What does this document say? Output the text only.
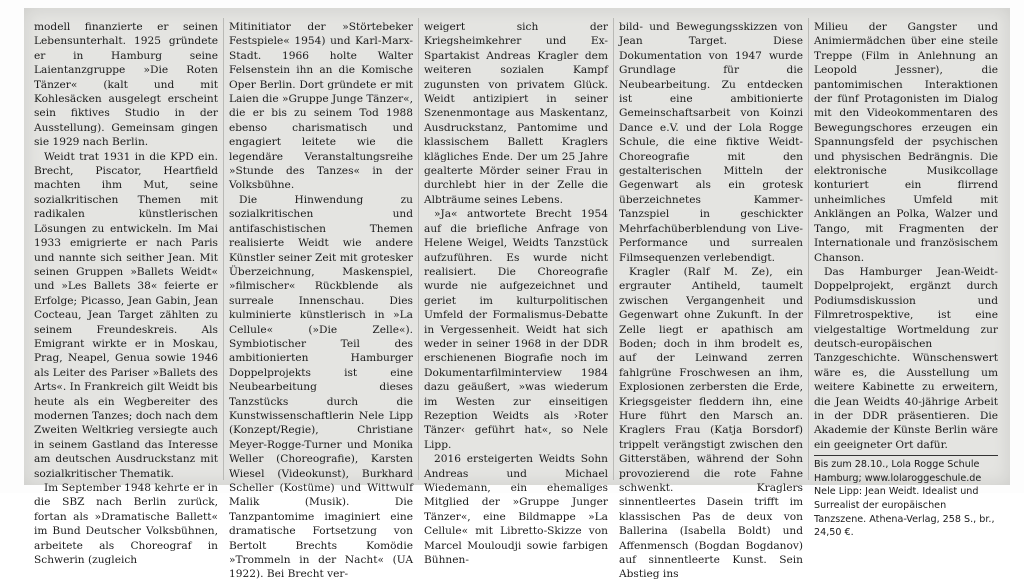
modell finanzierte er seinen Lebensunterhalt. 1925 gründete er in Hamburg seine Laientanzgruppe »Die Roten Tänzer« (kalt und mit Kohlesäcken ausgelegt erscheint sein fiktives Studio in der Ausstellung). Gemeinsam gingen sie 1929 nach Berlin.

Weidt trat 1931 in die KPD ein. Brecht, Piscator, Heartfield machten ihm Mut, seine sozialkritischen Themen mit radikalen künstlerischen Lösungen zu entwickeln. Im Mai 1933 emigrierte er nach Paris und nannte sich seither Jean. Mit seinen Gruppen »Ballets Weidt« und »Les Ballets 38« feierte er Erfolge; Picasso, Jean Gabin, Jean Cocteau, Jean Target zählten zu seinem Freundeskreis. Als Emigrant wirkte er in Moskau, Prag, Neapel, Genua sowie 1946 als Leiter des Pariser »Ballets des Arts«. In Frankreich gilt Weidt bis heute als ein Wegbereiter des modernen Tanzes; doch nach dem Zweiten Weltkrieg versiegte auch in seinem Gastland das Interesse am deutschen Ausdruckstanz mit sozialkritischer Thematik.

Im September 1948 kehrte er in die SBZ nach Berlin zurück, fortan als »Dramatische Ballett« im Bund Deutscher Volksbühnen, arbeitete als Choreograf in Schwerin (zugleich

Mitinitiator der »Störtebeker Festspiele« 1954) und Karl-Marx-Stadt. 1966 holte Walter Felsenstein ihn an die Komische Oper Berlin. Dort gründete er mit Laien die »Gruppe Junge Tänzer«, die er bis zu seinem Tod 1988 ebenso charismatisch und engagiert leitete wie die legendäre Veranstaltungsreihe »Stunde des Tanzes« in der Volksbühne.

Die Hinwendung zu sozialkritischen und antifaschistischen Themen realisierte Weidt wie andere Künstler seiner Zeit mit grotesker Überzeichnung, Maskenspiel, »filmischer« Rückblende als surreale Innenschau. Dies kulminierte künstlerisch in »La Cellule« (»Die Zelle«). Symbiotischer Teil des ambitionierten Hamburger Doppelprojekts ist eine Neubearbeitung dieses Tanzstücks durch die Kunstwissenschaftlerin Nele Lipp (Konzept/Regie), Christiane Meyer-Rogge-Turner und Monika Weller (Choreografie), Karsten Wiesel (Videokunst), Burkhard Scheller (Kostüme) und Wittwulf Malik (Musik). Die Tanzpantomime imaginiert eine dramatische Fortsetzung von Bertolt Brechts Komödie »Trommeln in der Nacht« (UA 1922). Bei Brecht ver-

weigert sich der Kriegsheimkehrer und Ex-Spartakist Andreas Kragler dem weiteren sozialen Kampf zugunsten von privatem Glück. Weidt antizipiert in seiner Szenenmontage aus Maskentanz, Ausdruckstanz, Pantomime und klassischem Ballett Kraglers klägliches Ende. Der um 25 Jahre gealterte Mörder seiner Frau in durchlebt hier in der Zelle die Albträume seines Lebens.

»Ja« antwortete Brecht 1954 auf die briefliche Anfrage von Helene Weigel, Weidts Tanzstück aufzuführen. Es wurde nicht realisiert. Die Choreografie wurde nie aufgezeichnet und geriet im kulturpolitischen Umfeld der Formalismus-Debatte in Vergessenheit. Weidt hat sich weder in seiner 1968 in der DDR erschienenen Biografie noch im Dokumentarfilminterview 1984 dazu geäußert, »was wiederum im Westen zur einseitigen Rezeption Weidts als ›Roter Tänzer‹ geführt hat«, so Nele Lipp.

2016 ersteigerten Weidts Sohn Andreas und Michael Wiedemann, ein ehemaliges Mitglied der »Gruppe Junger Tänzer«, eine Bildmappe »La Cellule« mit Libretto-Skizze von Marcel Mouloudji sowie farbigen Bühnen-

bild- und Bewegungsskizzen von Jean Target. Diese Dokumentation von 1947 wurde Grundlage für die Neubearbeitung. Zu entdecken ist eine ambitionierte Gemeinschaftsarbeit von Koinzi Dance e.V. und der Lola Rogge Schule, die eine fiktive Weidt-Choreografie mit den gestalterischen Mitteln der Gegenwart als ein grotesk überzeichnetes Kammer-Tanzspiel in geschickter Mehrfachüberblendung von Live-Performance und surrealen Filmsequenzen verlebendigt.

Kragler (Ralf M. Ze), ein ergrauter Antiheld, taumelt zwischen Vergangenheit und Gegenwart ohne Zukunft. In der Zelle liegt er apathisch am Boden; doch in ihm brodelt es, auf der Leinwand zerren fahlgrüne Froschwesen an ihm, Explosionen zerbersten die Erde, Kriegsgeister fleddern ihn, eine Hure führt den Marsch an. Kraglers Frau (Katja Borsdorf) trippelt verängstigt zwischen den Gitterstäben, während der Sohn provozierend die rote Fahne schwenkt. Kraglers sinnentleertes Dasein trifft im klassischen Pas de deux von Ballerina (Isabella Boldt) und Affenmensch (Bogdan Bogdanov) auf sinnentleerte Kunst. Sein Abstieg ins

Milieu der Gangster und Animiermädchen über eine steile Treppe (Film in Anlehnung an Leopold Jessner), die pantomimischen Interaktionen der fünf Protagonisten im Dialog mit den Videokommentaren des Bewegungschores erzeugen ein Spannungsfeld der psychischen und physischen Bedrängnis. Die elektronische Musikcollage konturiert ein flirrend unheimliches Umfeld mit Anklängen an Polka, Walzer und Tango, mit Fragmenten der Internationale und französischem Chanson.

Das Hamburger Jean-Weidt-Doppelprojekt, ergänzt durch Podiumsdiskussion und Filmretrospektive, ist eine vielgestaltige Wortmeldung zur deutsch-europäischen Tanzgeschichte. Wünschenswert wäre es, die Ausstellung um weitere Kabinette zu erweitern, die Jean Weidts 40-jährige Arbeit in der DDR präsentieren. Die Akademie der Künste Berlin wäre ein geeigneter Ort dafür.

Bis zum 28.10., Lola Rogge Schule Hamburg; www.lolaroggeschule.de Nele Lipp: Jean Weidt. Idealist und Surrealist der europäischen Tanzszene. Athena-Verlag, 258 S., br., 24,50 €.
